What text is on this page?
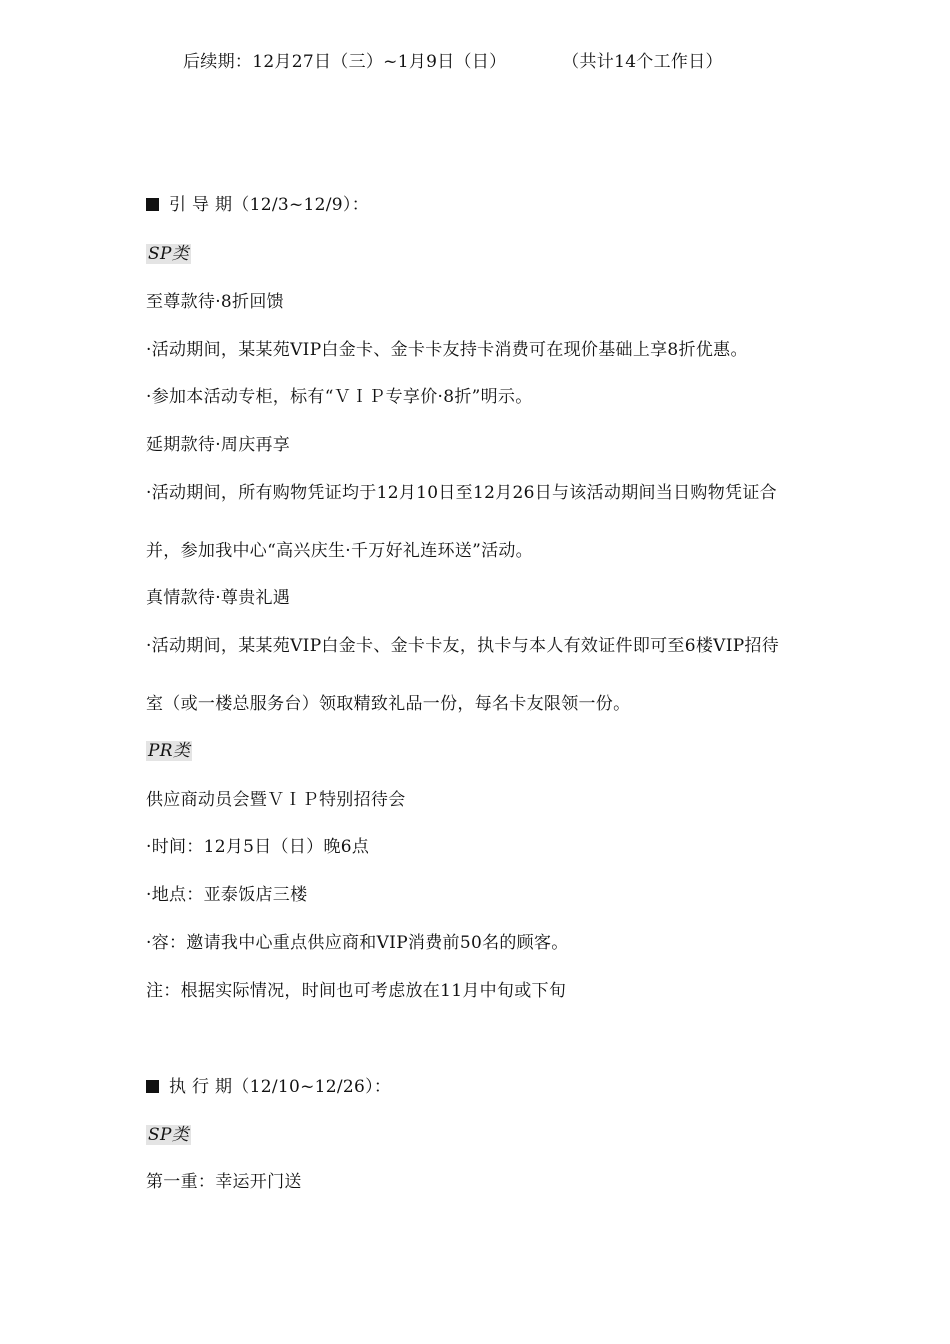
后续期：12月27日（三）~1月9日（日）	（共计14个工作日）
引 导 期（12/3~12/9）：
SP类
至尊款待·8折回馈
·活动期间，某某苑VIP白金卡、金卡卡友持卡消费可在现价基础上享8折优惠。
·参加本活动专柜，标有“ＶＩＰ专享价·8折”明示。
延期款待·周庆再享
·活动期间，所有购物凭证均于12月10日至12月26日与该活动期间当日购物凭证合
并，参加我中心“高兴庆生·千万好礼连环送”活动。
真情款待·尊贵礼遇
·活动期间，某某苑VIP白金卡、金卡卡友，执卡与本人有效证件即可至6楼VIP招待
室（或一楼总服务台）领取精致礼品一份，每名卡友限领一份。
PR类
供应商动员会暨ＶＩＰ特别招待会
·时间：12月5日（日）晚6点
·地点：亚泰饭店三楼
·容：邀请我中心重点供应商和VIP消费前50名的顾客。
注：根据实际情况，时间也可考虑放在11月中旬或下旬
执 行 期（12/10~12/26）：
SP类
第一重：幸运开门送
